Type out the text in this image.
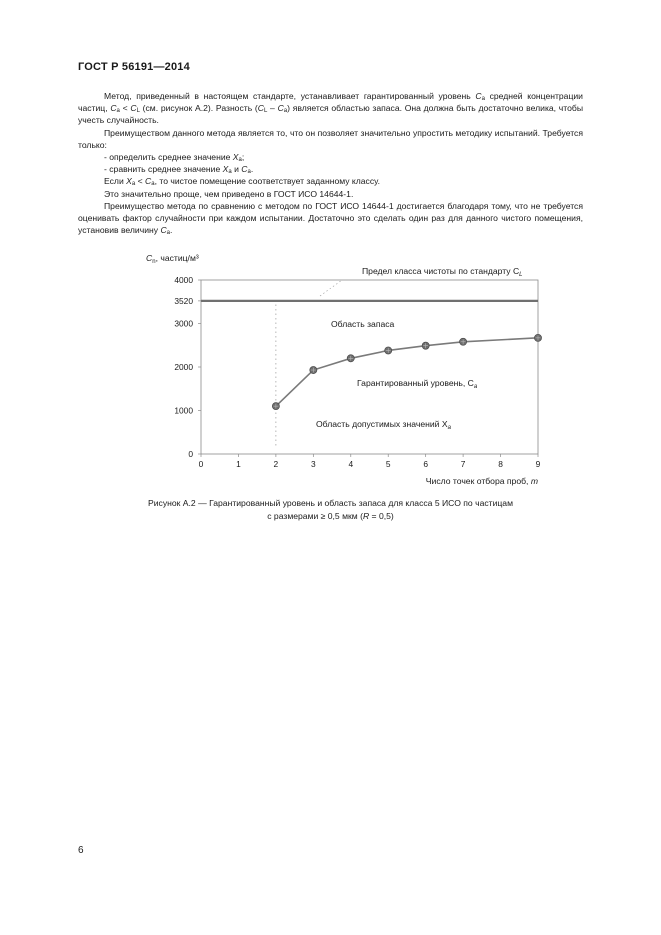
ГОСТ Р 56191—2014

Метод, приведенный в настоящем стандарте, устанавливает гарантированный уровень $C_a$ средней концентрации частиц, $C_a < C_L$ (см. рисунок А.2). Разность $(C_L - C_a)$ является областью запаса. Она должна быть достаточно велика, чтобы учесть случайность.

Преимуществом данного метода является то, что он позволяет значительно упростить методику испытаний. Требуется только:

- определить среднее значение $X_a$;

- сравнить среднее значение $X_a$ и $C_a$.

Если $X_a < C_a$, то чистое помещение соответствует заданному классу.

Это значительно проще, чем приведено в ГОСТ ИСО 14644-1.

Преимущество метода по сравнению с методом по ГОСТ ИСО 14644-1 достигается благодаря тому, что не требуется оценивать фактор случайности при каждом испытании. Достаточно это сделать один раз для данного чистого помещения, установив величину $C_a$.

$C_n$, частиц/м³
0
1000
2000
3000
3520
4000
0	1	2	3	4	5	6	7	8	9
Предел класса чистоты по стандарту $C_L$
Область запаса
Гарантированный уровень, $C_a$
Область допустимых значений $X_a$
Число точек отбора проб, m

Рисунок А.2 — Гарантированный уровень и область запаса для класса 5 ИСО по частицам

с размерами ≥ 0,5 мкм (R = 0,5)

6
